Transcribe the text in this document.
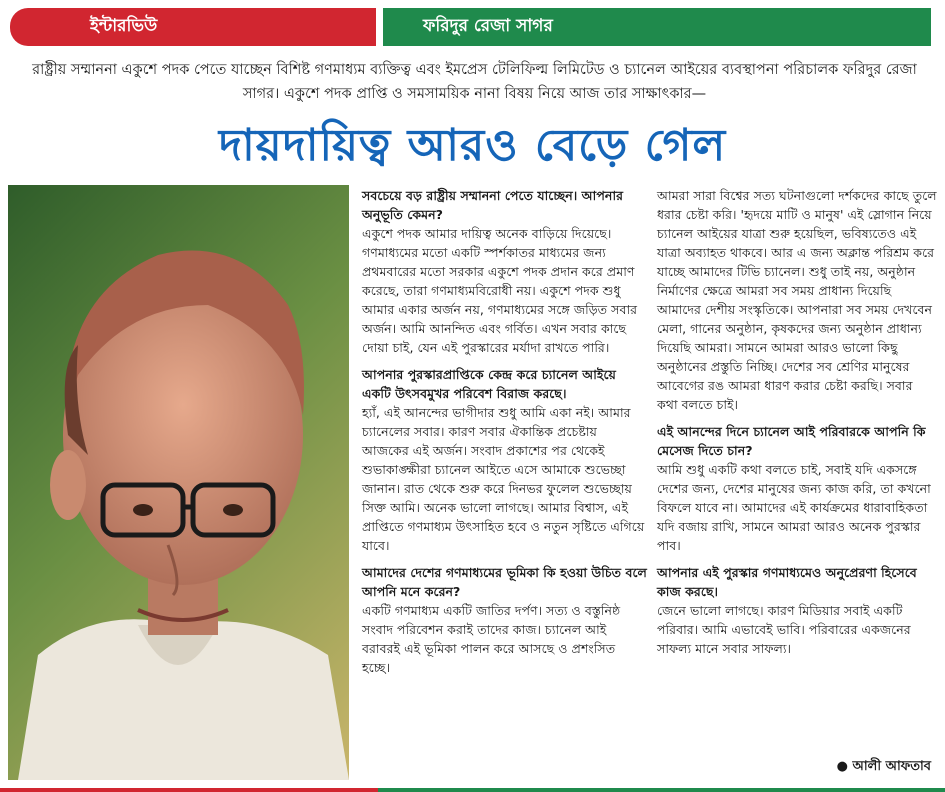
ইন্টারভিউ	ফরিদুর রেজা সাগর
রাষ্ট্রীয় সম্মাননা একুশে পদক পেতে যাচ্ছেন বিশিষ্ট গণমাধ্যম ব্যক্তিত্ব এবং ইমপ্রেস টেলিফিল্ম লিমিটেড ও চ্যানেল আইয়ের ব্যবস্থাপনা পরিচালক ফরিদুর রেজা সাগর। একুশে পদক প্রাপ্তি ও সমসাময়িক নানা বিষয় নিয়ে আজ তার সাক্ষাৎকার—
দায়দায়িত্ব আরও বেড়ে গেল

সবচেয়ে বড় রাষ্ট্রীয় সম্মাননা পেতে যাচ্ছেন। আপনার অনুভূতি কেমন?

একুশে পদক আমার দায়িত্ব অনেক বাড়িয়ে দিয়েছে। গণমাধ্যমের মতো একটি স্পর্শকাতর মাধ্যমের জন্য প্রথমবারের মতো সরকার একুশে পদক প্রদান করে প্রমাণ করেছে, তারা গণমাধ্যমবিরোধী নয়। একুশে পদক শুধু আমার একার অর্জন নয়, গণমাধ্যমের সঙ্গে জড়িত সবার অর্জন। আমি আনন্দিত এবং গর্বিত। এখন সবার কাছে দোয়া চাই, যেন এই পুরস্কারের মর্যাদা রাখতে পারি।

আপনার পুরস্কারপ্রাপ্তিকে কেন্দ্র করে চ্যানেল আইয়ে একটি উৎসবমুখর পরিবেশ বিরাজ করছে।

হ্যাঁ, এই আনন্দের ভাগীদার শুধু আমি একা নই। আমার চ্যানেলের সবার। কারণ সবার ঐকান্তিক প্রচেষ্টায় আজকের এই অর্জন। সংবাদ প্রকাশের পর থেকেই শুভাকাঙ্ক্ষীরা চ্যানেল আইতে এসে আমাকে শুভেচ্ছা জানান। রাত থেকে শুরু করে দিনভর ফুলেল শুভেচ্ছায় সিক্ত আমি। অনেক ভালো লাগছে। আমার বিশ্বাস, এই প্রাপ্তিতে গণমাধ্যম উৎসাহিত হবে ও নতুন সৃষ্টিতে এগিয়ে যাবে।

আমাদের দেশের গণমাধ্যমের ভূমিকা কি হওয়া উচিত বলে আপনি মনে করেন?

একটি গণমাধ্যম একটি জাতির দর্পণ। সত্য ও বস্তুনিষ্ঠ সংবাদ পরিবেশন করাই তাদের কাজ। চ্যানেল আই বরাবরই এই ভূমিকা পালন করে আসছে ও প্রশংসিত হচ্ছে।

আমরা সারা বিশ্বের সত্য ঘটনাগুলো দর্শকদের কাছে তুলে ধরার চেষ্টা করি। 'হৃদয়ে মাটি ও মানুষ' এই স্লোগান নিয়ে চ্যানেল আইয়ের যাত্রা শুরু হয়েছিল, ভবিষ্যতেও এই যাত্রা অব্যাহত থাকবে। আর এ জন্য অক্লান্ত পরিশ্রম করে যাচ্ছে আমাদের টিভি চ্যানেল। শুধু তাই নয়, অনুষ্ঠান নির্মাণের ক্ষেত্রে আমরা সব সময় প্রাধান্য দিয়েছি আমাদের দেশীয় সংস্কৃতিকে। আপনারা সব সময় দেখবেন মেলা, গানের অনুষ্ঠান, কৃষকদের জন্য অনুষ্ঠান প্রাধান্য দিয়েছি আমরা। সামনে আমরা আরও ভালো কিছু অনুষ্ঠানের প্রস্তুতি নিচ্ছি। দেশের সব শ্রেণির মানুষের আবেগের রঙ আমরা ধারণ করার চেষ্টা করছি। সবার কথা বলতে চাই।

এই আনন্দের দিনে চ্যানেল আই পরিবারকে আপনি কি মেসেজ দিতে চান?

আমি শুধু একটি কথা বলতে চাই, সবাই যদি একসঙ্গে দেশের জন্য, দেশের মানুষের জন্য কাজ করি, তা কখনো বিফলে যাবে না। আমাদের এই কার্যক্রমের ধারাবাহিকতা যদি বজায় রাখি, সামনে আমরা আরও অনেক পুরস্কার পাব।

আপনার এই পুরস্কার গণমাধ্যমেও অনুপ্রেরণা হিসেবে কাজ করছে।

জেনে ভালো লাগছে। কারণ মিডিয়ার সবাই একটি পরিবার। আমি এভাবেই ভাবি। পরিবারের একজনের সাফল্য মানে সবার সাফল্য।

● আলী আফতাব
